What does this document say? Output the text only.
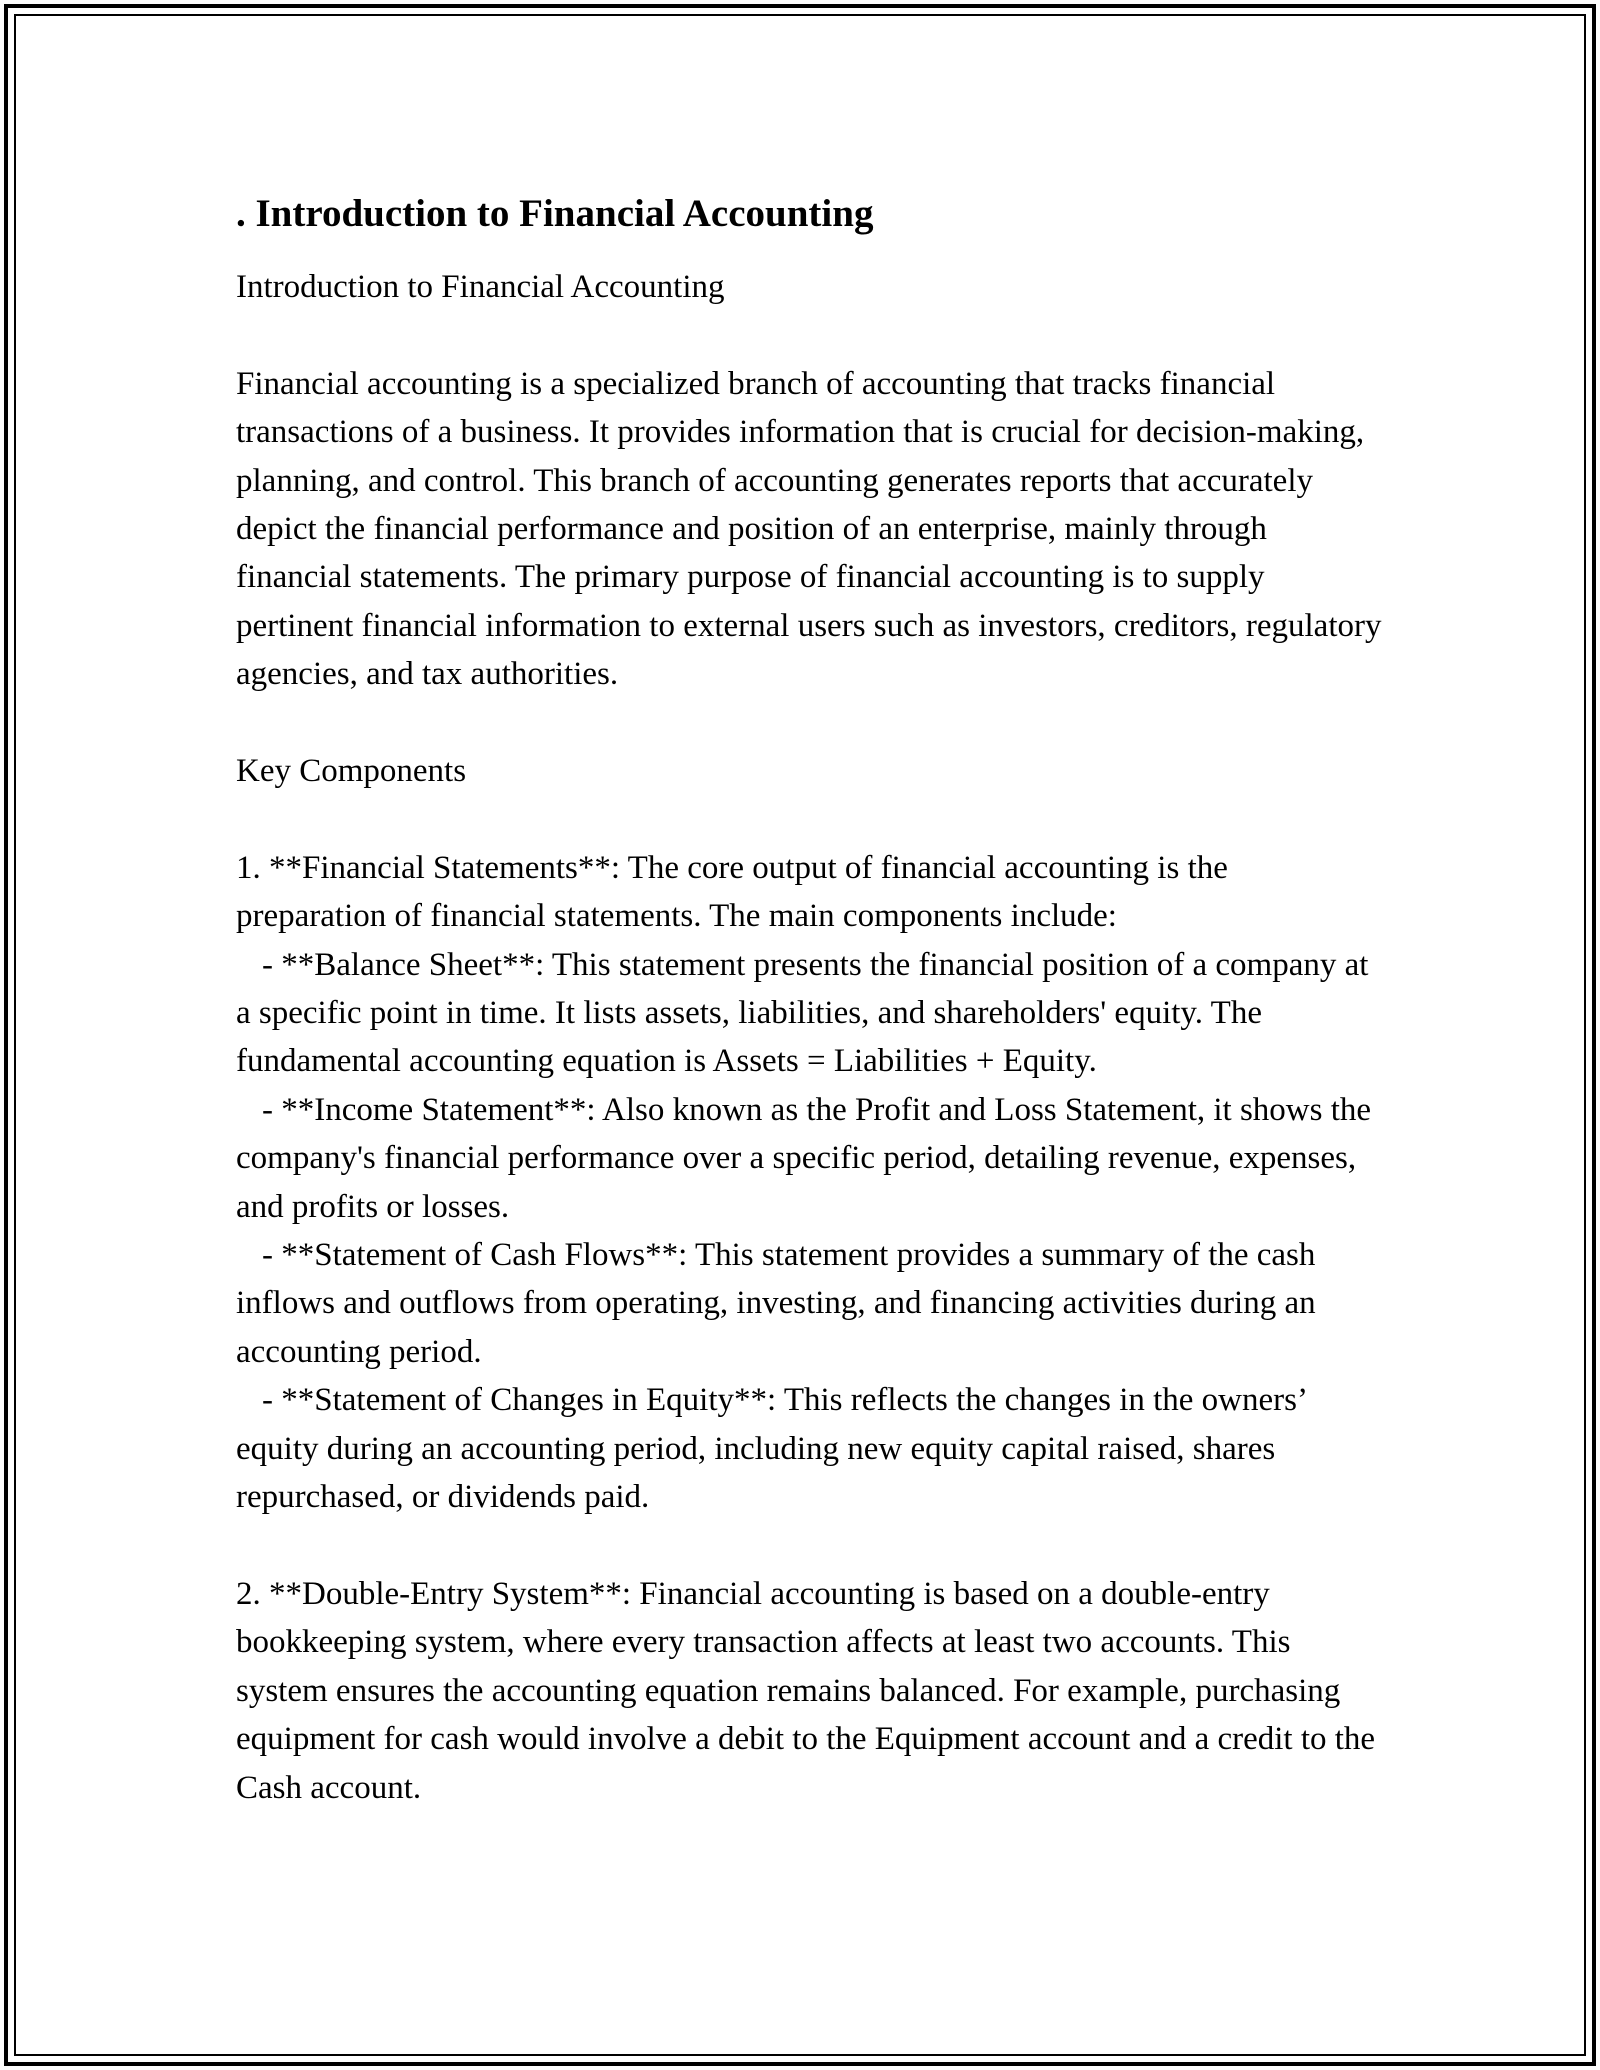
. Introduction to Financial Accounting

Introduction to Financial Accounting

Financial accounting is a specialized branch of accounting that tracks financial transactions of a business. It provides information that is crucial for decision-making, planning, and control. This branch of accounting generates reports that accurately depict the financial performance and position of an enterprise, mainly through financial statements. The primary purpose of financial accounting is to supply pertinent financial information to external users such as investors, creditors, regulatory agencies, and tax authorities.

Key Components

1. **Financial Statements**: The core output of financial accounting is the preparation of financial statements. The main components include:

- **Balance Sheet**: This statement presents the financial position of a company at a specific point in time. It lists assets, liabilities, and shareholders' equity. The fundamental accounting equation is Assets = Liabilities + Equity.

- **Income Statement**: Also known as the Profit and Loss Statement, it shows the company's financial performance over a specific period, detailing revenue, expenses, and profits or losses.

- **Statement of Cash Flows**: This statement provides a summary of the cash inflows and outflows from operating, investing, and financing activities during an accounting period.

- **Statement of Changes in Equity**: This reflects the changes in the owners’ equity during an accounting period, including new equity capital raised, shares repurchased, or dividends paid.

2. **Double-Entry System**: Financial accounting is based on a double-entry bookkeeping system, where every transaction affects at least two accounts. This system ensures the accounting equation remains balanced. For example, purchasing equipment for cash would involve a debit to the Equipment account and a credit to the Cash account.
